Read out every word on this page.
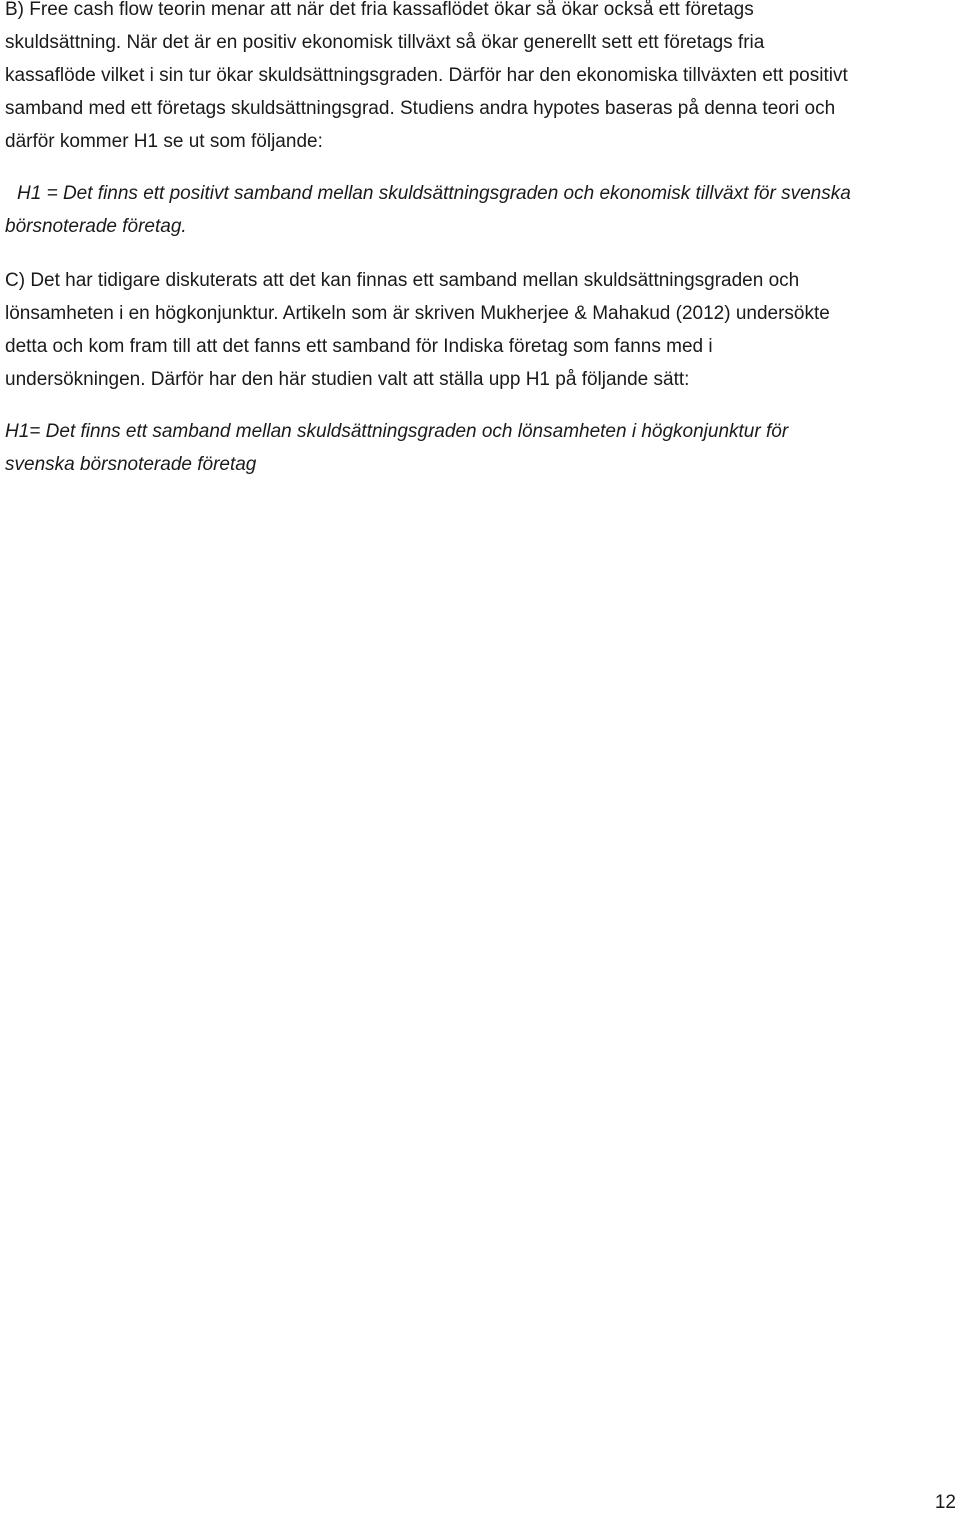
B) Free cash flow teorin menar att när det fria kassaflödet ökar så ökar också ett företags
skuldsättning. När det är en positiv ekonomisk tillväxt så ökar generellt sett ett företags fria
kassaflöde vilket i sin tur ökar skuldsättningsgraden. Därför har den ekonomiska tillväxten ett positivt
samband med ett företags skuldsättningsgrad. Studiens andra hypotes baseras på denna teori och
därför kommer H1 se ut som följande:

H1 = Det finns ett positivt samband mellan skuldsättningsgraden och ekonomisk tillväxt för svenska
börsnoterade företag.

C) Det har tidigare diskuterats att det kan finnas ett samband mellan skuldsättningsgraden och
lönsamheten i en högkonjunktur. Artikeln som är skriven Mukherjee & Mahakud (2012) undersökte
detta och kom fram till att det fanns ett samband för Indiska företag som fanns med i
undersökningen. Därför har den här studien valt att ställa upp H1 på följande sätt:

H1= Det finns ett samband mellan skuldsättningsgraden och lönsamheten i högkonjunktur för
svenska börsnoterade företag

12
